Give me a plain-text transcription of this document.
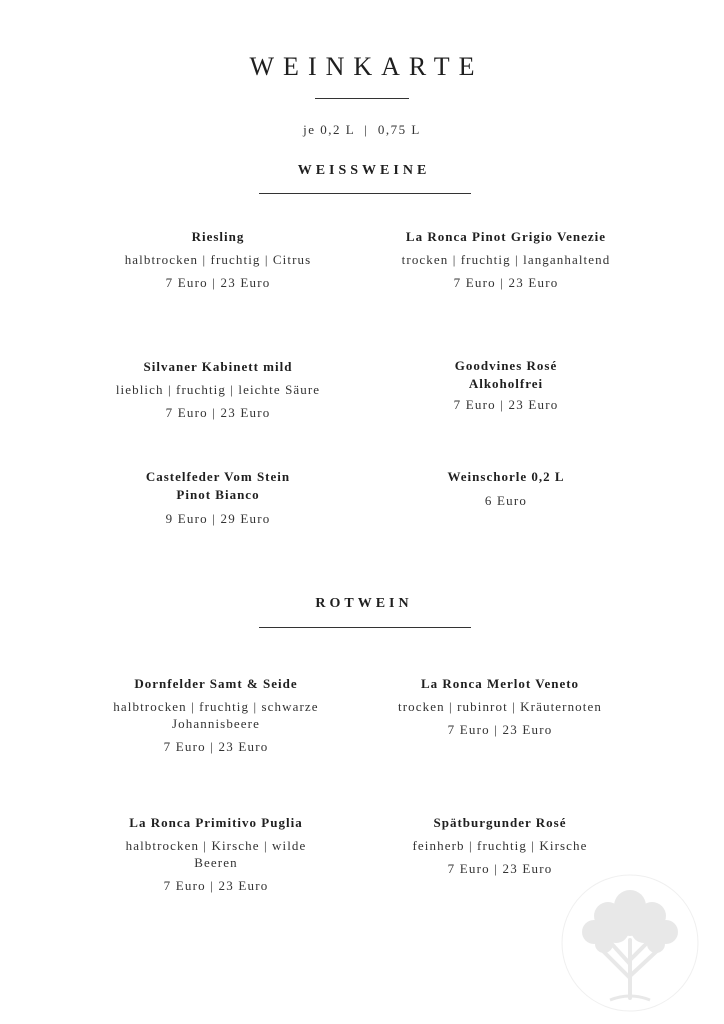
WEINKARTE
je 0,2 L  |  0,75 L
WEISSWEINE
Riesling
halbtrocken | fruchtig | Citrus
7 Euro | 23 Euro
La Ronca Pinot Grigio Venezie
trocken | fruchtig | langanhaltend
7 Euro | 23 Euro
Silvaner Kabinett mild
lieblich | fruchtig | leichte Säure
7 Euro | 23 Euro
Goodvines Rosé
Alkoholfrei
7 Euro | 23 Euro
Castelfeder Vom Stein
Pinot Bianco
9 Euro | 29 Euro
Weinschorle 0,2 L
6 Euro
ROTWEIN
Dornfelder Samt & Seide
halbtrocken | fruchtig | schwarze
Johannisbeere
7 Euro | 23 Euro
La Ronca Merlot Veneto
trocken | rubinrot | Kräuternoten
7 Euro | 23 Euro
La Ronca Primitivo Puglia
halbtrocken | Kirsche | wilde
Beeren
7 Euro | 23 Euro
Spätburgunder Rosé
feinherb | fruchtig | Kirsche
7 Euro | 23 Euro
